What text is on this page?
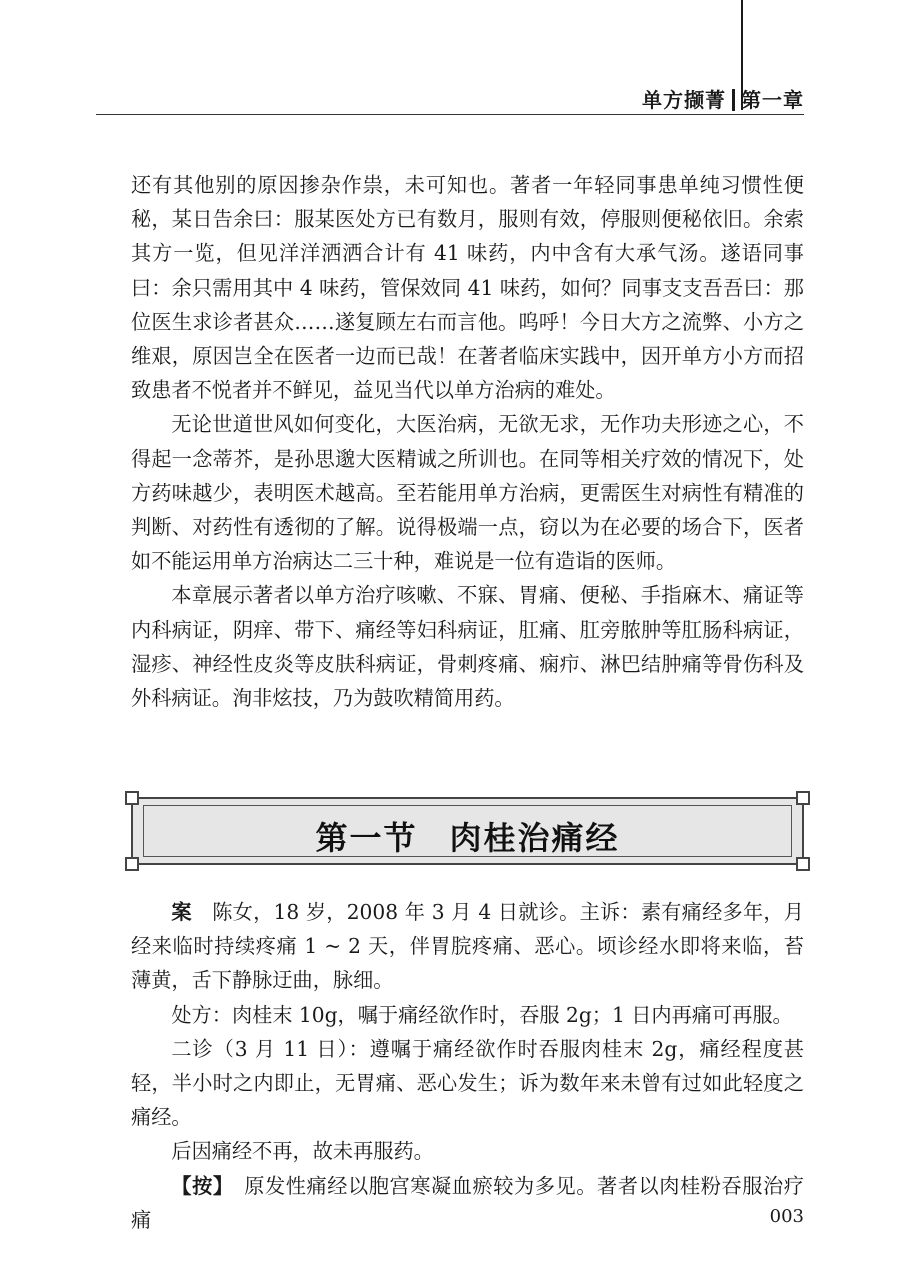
单方撷菁 第一章

还有其他别的原因掺杂作祟，未可知也。著者一年轻同事患单纯习惯性便秘，某日告余曰：服某医处方已有数月，服则有效，停服则便秘依旧。余索其方一览，但见洋洋洒洒合计有 41 味药，内中含有大承气汤。遂语同事曰：余只需用其中 4 味药，管保效同 41 味药，如何？同事支支吾吾曰：那位医生求诊者甚众……遂复顾左右而言他。呜呼！今日大方之流弊、小方之维艰，原因岂全在医者一边而已哉！在著者临床实践中，因开单方小方而招致患者不悦者并不鲜见，益见当代以单方治病的难处。

无论世道世风如何变化，大医治病，无欲无求，无作功夫形迹之心，不得起一念蒂芥，是孙思邈大医精诚之所训也。在同等相关疗效的情况下，处方药味越少，表明医术越高。至若能用单方治病，更需医生对病性有精准的判断、对药性有透彻的了解。说得极端一点，窃以为在必要的场合下，医者如不能运用单方治病达二三十种，难说是一位有造诣的医师。

本章展示著者以单方治疗咳嗽、不寐、胃痛、便秘、手指麻木、痛证等内科病证，阴痒、带下、痛经等妇科病证，肛痛、肛旁脓肿等肛肠科病证，湿疹、神经性皮炎等皮肤科病证，骨刺疼痛、痫疖、淋巴结肿痛等骨伤科及外科病证。洵非炫技，乃为鼓吹精简用药。

第一节 肉桂治痛经

案  陈女，18 岁，2008 年 3 月 4 日就诊。主诉：素有痛经多年，月经来临时持续疼痛 1 ~ 2 天，伴胃脘疼痛、恶心。顷诊经水即将来临，苔薄黄，舌下静脉迂曲，脉细。

处方：肉桂末 10g，嘱于痛经欲作时，吞服 2g；1 日内再痛可再服。

二诊（3 月 11 日）：遵嘱于痛经欲作时吞服肉桂末 2g，痛经程度甚轻，半小时之内即止，无胃痛、恶心发生；诉为数年来未曾有过如此轻度之痛经。

后因痛经不再，故未再服药。

【按】  原发性痛经以胞宫寒凝血瘀较为多见。著者以肉桂粉吞服治疗痛	003
